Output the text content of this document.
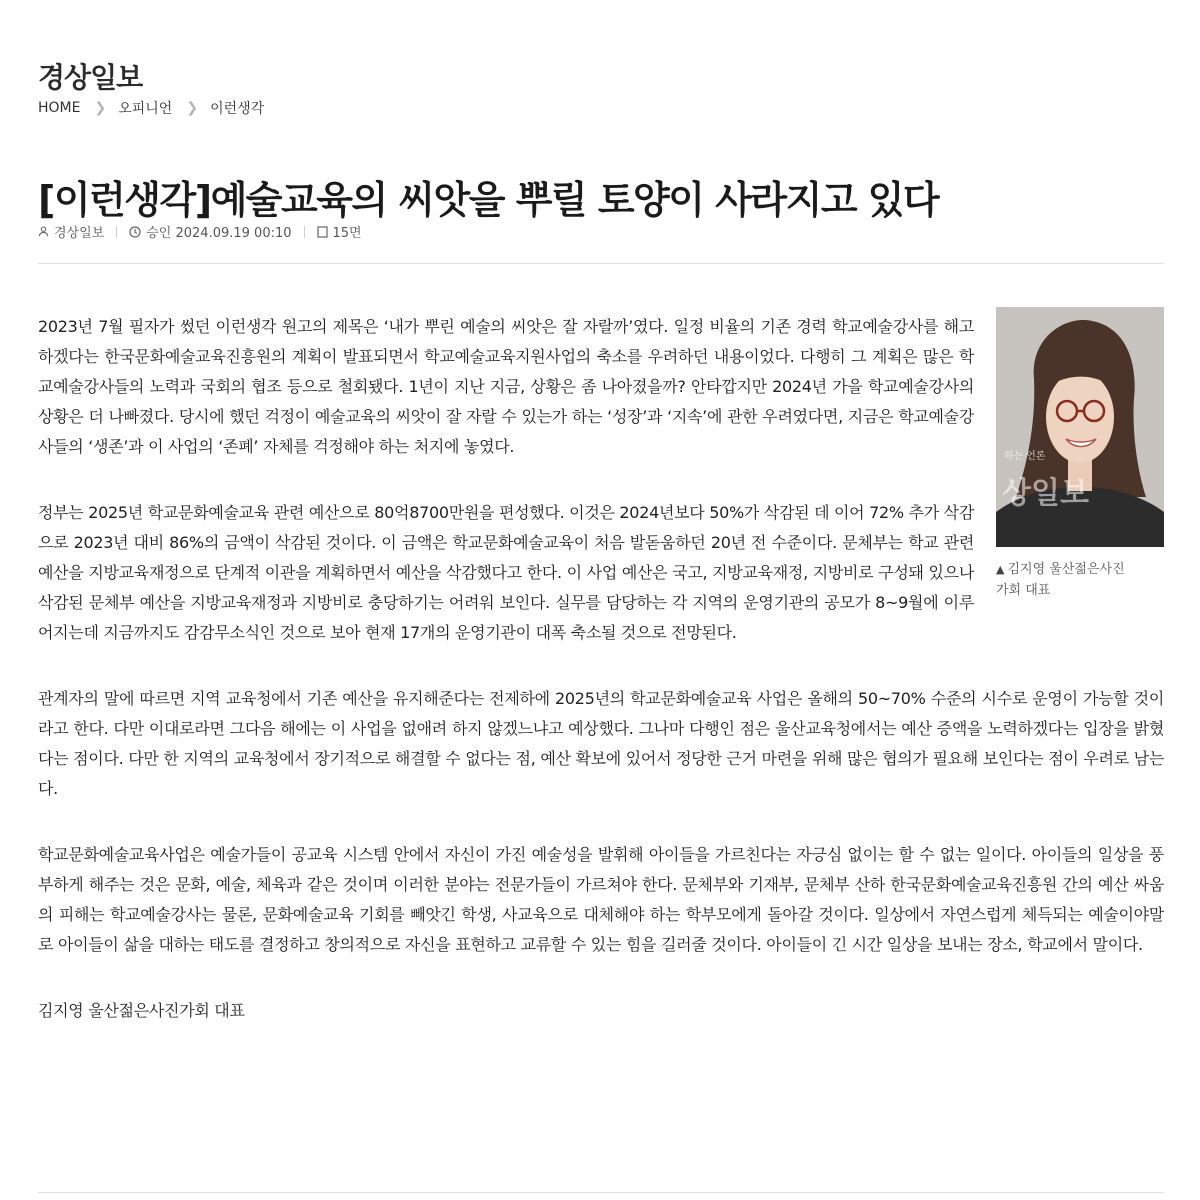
경상일보
HOME ❯ 오피니언 ❯ 이런생각
[이런생각]예술교육의 씨앗을 뿌릴 토양이 사라지고 있다
경상일보	승인 2024.09.19 00:10	15면
하는 언론
상일보
▲ 김지영 울산젊은사진
가회 대표

2023년 7월 필자가 썼던 이런생각 원고의 제목은 ‘내가 뿌린 예술의 씨앗은 잘 자랄까’였다. 일정 비율의 기존 경력 학교예술강사를 해고하겠다는 한국문화예술교육진흥원의 계획이 발표되면서 학교예술교육지원사업의 축소를 우려하던 내용이었다. 다행히 그 계획은 많은 학교예술강사들의 노력과 국회의 협조 등으로 철회됐다. 1년이 지난 지금, 상황은 좀 나아졌을까? 안타깝지만 2024년 가을 학교예술강사의 상황은 더 나빠졌다. 당시에 했던 걱정이 예술교육의 씨앗이 잘 자랄 수 있는가 하는 ‘성장’과 ‘지속’에 관한 우려였다면, 지금은 학교예술강사들의 ‘생존’과 이 사업의 ‘존폐’ 자체를 걱정해야 하는 처지에 놓였다.

정부는 2025년 학교문화예술교육 관련 예산으로 80억8700만원을 편성했다. 이것은 2024년보다 50%가 삭감된 데 이어 72% 추가 삭감으로 2023년 대비 86%의 금액이 삭감된 것이다. 이 금액은 학교문화예술교육이 처음 발돋움하던 20년 전 수준이다. 문체부는 학교 관련 예산을 지방교육재정으로 단계적 이관을 계획하면서 예산을 삭감했다고 한다. 이 사업 예산은 국고, 지방교육재정, 지방비로 구성돼 있으나 삭감된 문체부 예산을 지방교육재정과 지방비로 충당하기는 어려워 보인다. 실무를 담당하는 각 지역의 운영기관의 공모가 8~9월에 이루어지는데 지금까지도 감감무소식인 것으로 보아 현재 17개의 운영기관이 대폭 축소될 것으로 전망된다.

관계자의 말에 따르면 지역 교육청에서 기존 예산을 유지해준다는 전제하에 2025년의 학교문화예술교육 사업은 올해의 50~70% 수준의 시수로 운영이 가능할 것이라고 한다. 다만 이대로라면 그다음 해에는 이 사업을 없애려 하지 않겠느냐고 예상했다. 그나마 다행인 점은 울산교육청에서는 예산 증액을 노력하겠다는 입장을 밝혔다는 점이다. 다만 한 지역의 교육청에서 장기적으로 해결할 수 없다는 점, 예산 확보에 있어서 정당한 근거 마련을 위해 많은 협의가 필요해 보인다는 점이 우려로 남는다.

학교문화예술교육사업은 예술가들이 공교육 시스템 안에서 자신이 가진 예술성을 발휘해 아이들을 가르친다는 자긍심 없이는 할 수 없는 일이다. 아이들의 일상을 풍부하게 해주는 것은 문화, 예술, 체육과 같은 것이며 이러한 분야는 전문가들이 가르쳐야 한다. 문체부와 기재부, 문체부 산하 한국문화예술교육진흥원 간의 예산 싸움의 피해는 학교예술강사는 물론, 문화예술교육 기회를 빼앗긴 학생, 사교육으로 대체해야 하는 학부모에게 돌아갈 것이다. 일상에서 자연스럽게 체득되는 예술이야말로 아이들이 삶을 대하는 태도를 결정하고 창의적으로 자신을 표현하고 교류할 수 있는 힘을 길러줄 것이다. 아이들이 긴 시간 일상을 보내는 장소, 학교에서 말이다.

김지영 울산젊은사진가회 대표
